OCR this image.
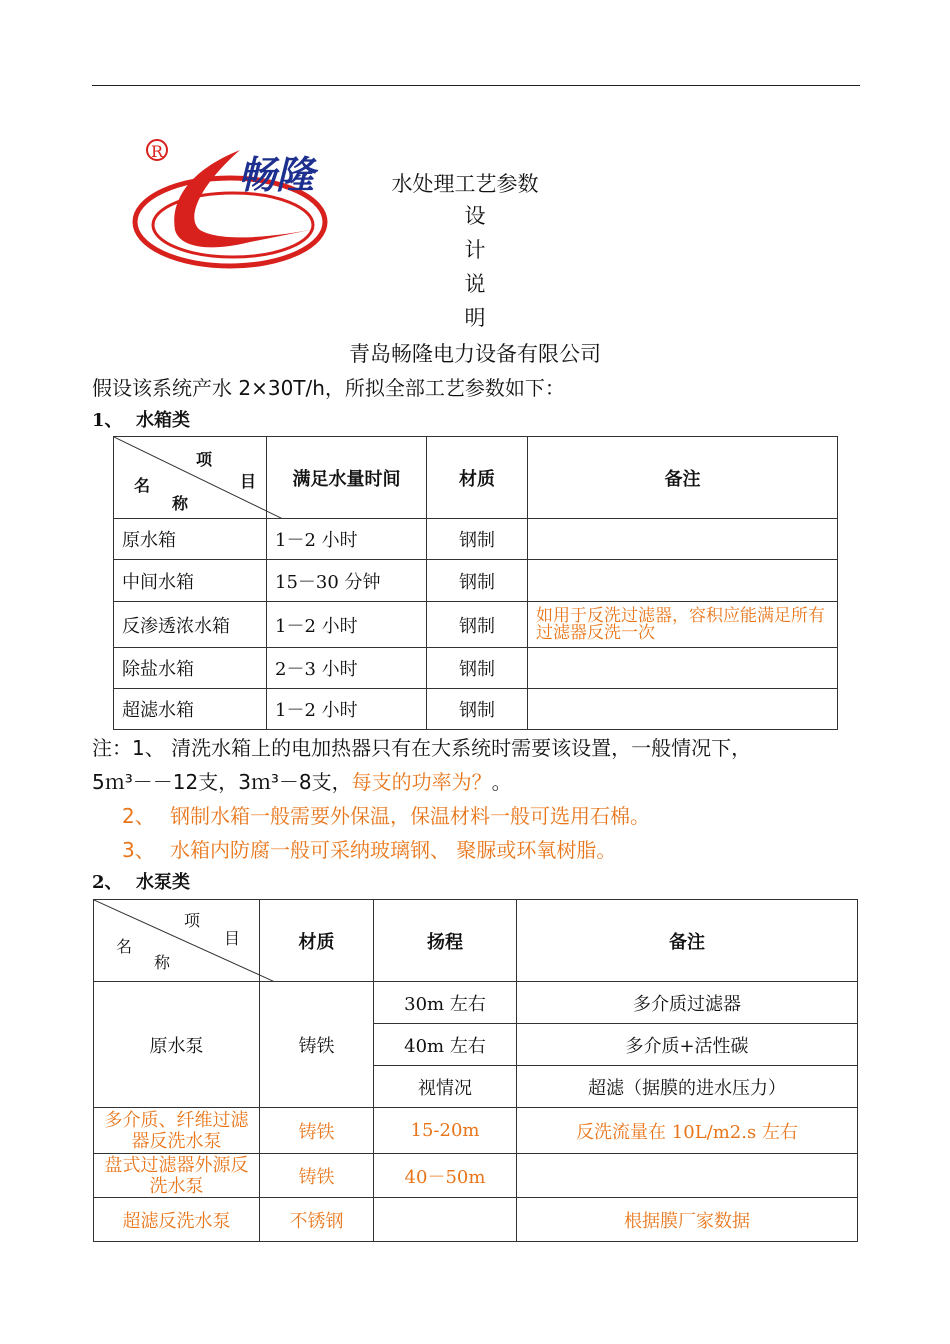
畅隆
R
水处理工艺参数
设
计
说
明
青岛畅隆电力设备有限公司
假设该系统产水 2×30T/h，所拟全部工艺参数如下：
1、 水箱类
项
目
名
称	满足水量时间	材质	备注
原水箱	1－2 小时	钢制	
中间水箱	15－30 分钟	钢制	
反渗透浓水箱	1－2 小时	钢制	如用于反洗过滤器，容积应能满足所有过滤器反洗一次
除盐水箱	2－3 小时	钢制	
超滤水箱	1－2 小时	钢制	
注：1、 清洗水箱上的电加热器只有在大系统时需要该设置，一般情况下，
5ｍ³－－12支，3ｍ³－8支，每支的功率为？。
2、 钢制水箱一般需要外保温，保温材料一般可选用石棉。
3、 水箱内防腐一般可采纳玻璃钢、 聚脲或环氧树脂。
2、 水泵类
项
目
名
称	材质	扬程	备注
原水泵	铸铁	30m 左右	多介质过滤器
		40m 左右	多介质+活性碳
		视情况	超滤（据膜的进水压力）
多介质、纤维过滤器反洗水泵	铸铁	15-20m	反洗流量在 10L/m2.s 左右
盘式过滤器外源反洗水泵	铸铁	40－50m	
超滤反洗水泵	不锈钢		根据膜厂家数据
